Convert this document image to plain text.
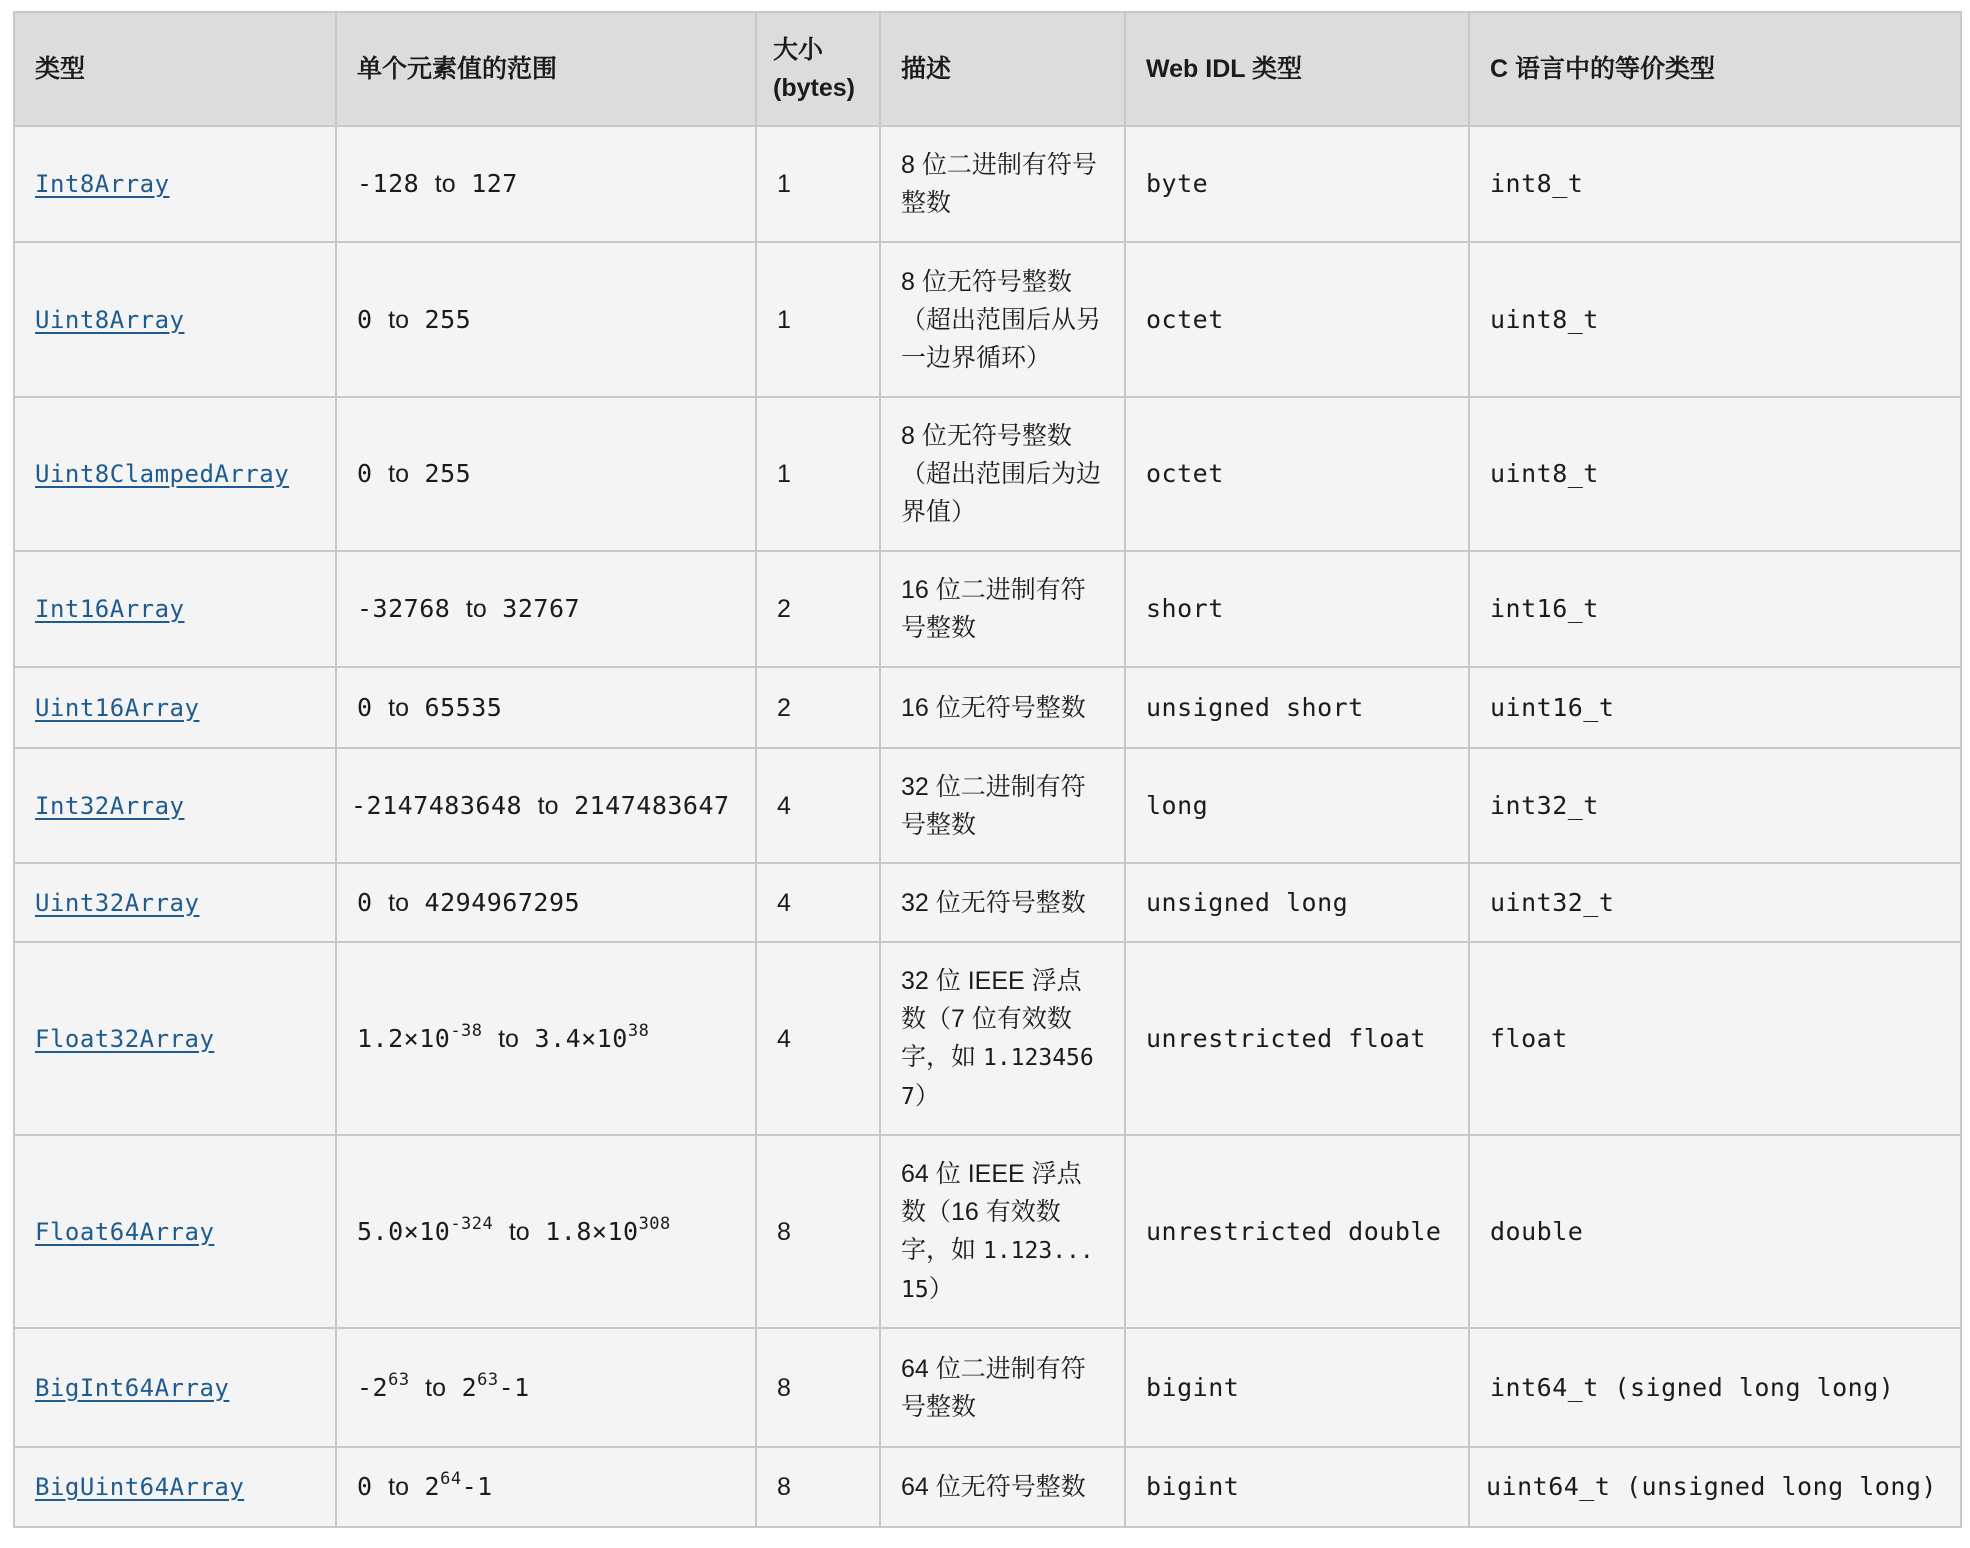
类型	单个元素值的范围	大小 (bytes)	描述	Web IDL 类型	C 语言中的等价类型
Int8Array	-128 to 127	1	8 位二进制有符号整数	byte	int8_t
Uint8Array	0 to 255	1	8 位无符号整数（超出范围后从另一边界循环）	octet	uint8_t
Uint8ClampedArray	0 to 255	1	8 位无符号整数（超出范围后为边界值）	octet	uint8_t
Int16Array	-32768 to 32767	2	16 位二进制有符号整数	short	int16_t
Uint16Array	0 to 65535	2	16 位无符号整数	unsigned short	uint16_t
Int32Array	-2147483648 to 2147483647	4	32 位二进制有符号整数	long	int32_t
Uint32Array	0 to 4294967295	4	32 位无符号整数	unsigned long	uint32_t
Float32Array	$1.2\times 10^{-38}$ to $3.4\times 10^{38}$	4	32 位 IEEE 浮点数（7 位有效数字，如 1.1234567）	unrestricted float	float
Float64Array	$5.0\times 10^{-324}$ to $1.8\times 10^{308}$	8	64 位 IEEE 浮点数（16 有效数字，如 1.123...15）	unrestricted double	double
BigInt64Array	$-2^{63}$ to $2^{63}-1$	8	64 位二进制有符号整数	bigint	int64_t (signed long long)
BigUint64Array	0 to $2^{64}-1$	8	64 位无符号整数	bigint	uint64_t (unsigned long long)
